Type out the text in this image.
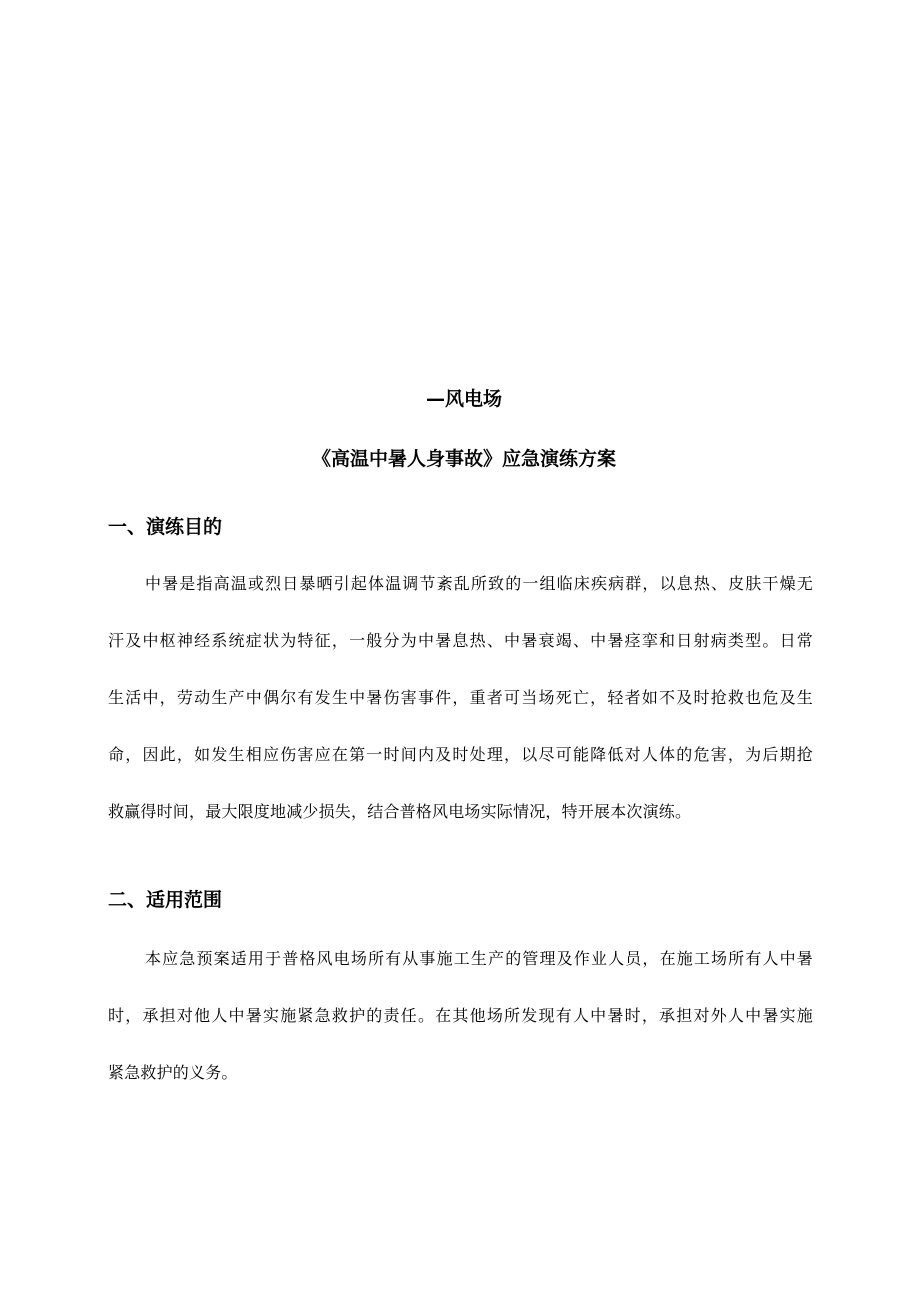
—风电场
《高温中暑人身事故》应急演练方案
一、演练目的
中暑是指高温或烈日暴晒引起体温调节紊乱所致的一组临床疾病群，以息热、皮肤干燥无
汗及中枢神经系统症状为特征，一般分为中暑息热、中暑衰竭、中暑痉挛和日射病类型。日常
生活中，劳动生产中偶尔有发生中暑伤害事件，重者可当场死亡，轻者如不及时抢救也危及生
命，因此，如发生相应伤害应在第一时间内及时处理，以尽可能降低对人体的危害，为后期抢
救赢得时间，最大限度地减少损失，结合普格风电场实际情况，特开展本次演练。
二、适用范围
本应急预案适用于普格风电场所有从事施工生产的管理及作业人员，在施工场所有人中暑
时，承担对他人中暑实施紧急救护的责任。在其他场所发现有人中暑时，承担对外人中暑实施
紧急救护的义务。
